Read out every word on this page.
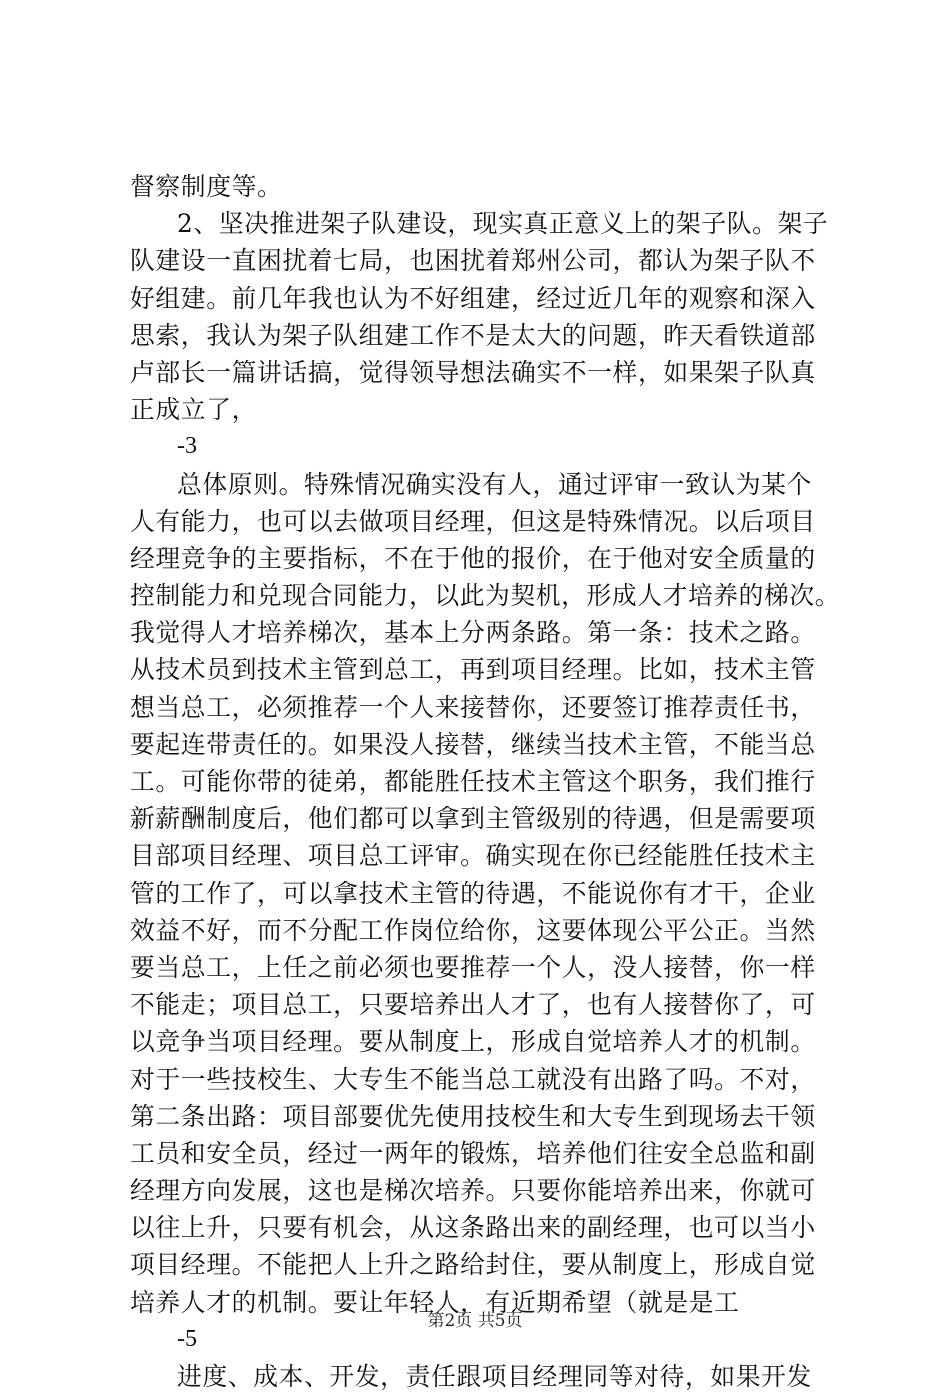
督察制度等。
2、坚决推进架子队建设，现实真正意义上的架子队。架子
队建设一直困扰着七局，也困扰着郑州公司，都认为架子队不
好组建。前几年我也认为不好组建，经过近几年的观察和深入
思索，我认为架子队组建工作不是太大的问题，昨天看铁道部
卢部长一篇讲话搞，觉得领导想法确实不一样，如果架子队真
正成立了，
-3
总体原则。特殊情况确实没有人，通过评审一致认为某个
人有能力，也可以去做项目经理，但这是特殊情况。以后项目
经理竞争的主要指标，不在于他的报价，在于他对安全质量的
控制能力和兑现合同能力，以此为契机，形成人才培养的梯次。
我觉得人才培养梯次，基本上分两条路。第一条：技术之路。
从技术员到技术主管到总工，再到项目经理。比如，技术主管
想当总工，必须推荐一个人来接替你，还要签订推荐责任书，
要起连带责任的。如果没人接替，继续当技术主管，不能当总
工。可能你带的徒弟，都能胜任技术主管这个职务，我们推行
新薪酬制度后，他们都可以拿到主管级别的待遇，但是需要项
目部项目经理、项目总工评审。确实现在你已经能胜任技术主
管的工作了，可以拿技术主管的待遇，不能说你有才干，企业
效益不好，而不分配工作岗位给你，这要体现公平公正。当然
要当总工，上任之前必须也要推荐一个人，没人接替，你一样
不能走；项目总工，只要培养出人才了，也有人接替你了，可
以竞争当项目经理。要从制度上，形成自觉培养人才的机制。
对于一些技校生、大专生不能当总工就没有出路了吗。不对，
第二条出路：项目部要优先使用技校生和大专生到现场去干领
工员和安全员，经过一两年的锻炼，培养他们往安全总监和副
经理方向发展，这也是梯次培养。只要你能培养出来，你就可
以往上升，只要有机会，从这条路出来的副经理，也可以当小
项目经理。不能把人上升之路给封住，要从制度上，形成自觉
培养人才的机制。要让年轻人，有近期希望（就是是工
-5
进度、成本、开发，责任跟项目经理同等对待，如果开发
第2页 共5页
